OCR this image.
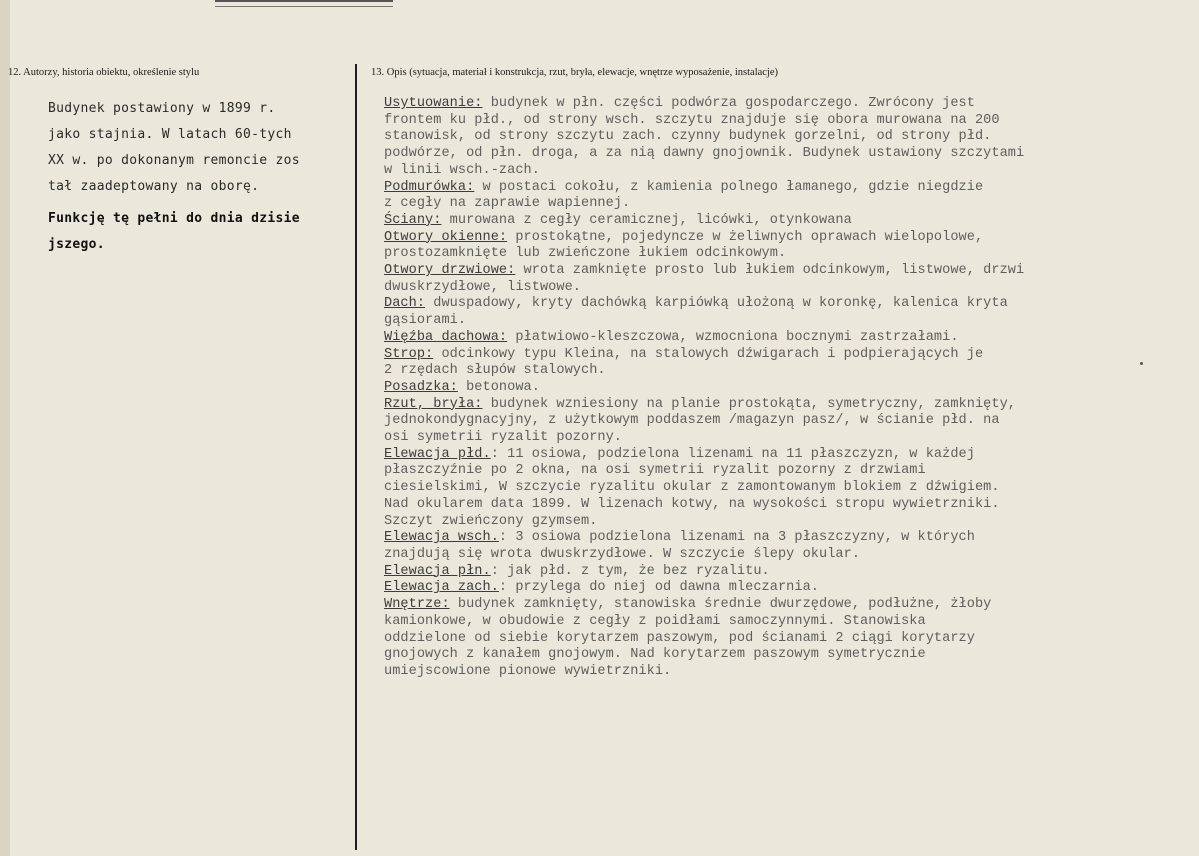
12. Autorzy, historia obiektu, określenie stylu	13. Opis (sytuacja, materiał i konstrukcja, rzut, bryła, elewacje, wnętrze wyposażenie, instalacje)
Budynek postawiony w 1899 r.
jako stajnia. W latach 60-tych
XX w. po dokonanym remoncie zos
tał zaadeptowany na oborę.
Funkcję tę pełni do dnia dzisie
jszego.
Usytuowanie: budynek w płn. części podwórza gospodarczego. Zwrócony jest
frontem ku płd., od strony wsch. szczytu znajduje się obora murowana na 200
stanowisk, od strony szczytu zach. czynny budynek gorzelni, od strony płd.
podwórze, od płn. droga, a za nią dawny gnojownik. Budynek ustawiony szczytami
w linii wsch.-zach.
Podmurówka: w postaci cokołu, z kamienia polnego łamanego, gdzie niegdzie
z cegły na zaprawie wapiennej.
Ściany: murowana z cegły ceramicznej, licówki, otynkowana
Otwory okienne: prostokątne, pojedyncze w żeliwnych oprawach wielopolowe,
prostozamknięte lub zwieńczone łukiem odcinkowym.
Otwory drzwiowe: wrota zamknięte prosto lub łukiem odcinkowym, listwowe, drzwi
dwuskrzydłowe, listwowe.
Dach: dwuspadowy, kryty dachówką karpiówką ułożoną w koronkę, kalenica kryta
gąsiorami.
Więźba dachowa: płatwiowo-kleszczowa, wzmocniona bocznymi zastrzałami.
Strop: odcinkowy typu Kleina, na stalowych dźwigarach i podpierających je
2 rzędach słupów stalowych.
Posadzka: betonowa.
Rzut, bryła: budynek wzniesiony na planie prostokąta, symetryczny, zamknięty,
jednokondygnacyjny, z użytkowym poddaszem /magazyn pasz/, w ścianie płd. na
osi symetrii ryzalit pozorny.
Elewacja płd.: 11 osiowa, podzielona lizenami na 11 płaszczyzn, w każdej
płaszczyźnie po 2 okna, na osi symetrii ryzalit pozorny z drzwiami
ciesielskimi, W szczycie ryzalitu okular z zamontowanym blokiem z dźwigiem.
Nad okularem data 1899. W lizenach kotwy, na wysokości stropu wywietrzniki.
Szczyt zwieńczony gzymsem.
Elewacja wsch.: 3 osiowa podzielona lizenami na 3 płaszczyzny, w których
znajdują się wrota dwuskrzydłowe. W szczycie ślepy okular.
Elewacja płn.: jak płd. z tym, że bez ryzalitu.
Elewacja zach.: przylega do niej od dawna mleczarnia.
Wnętrze: budynek zamknięty, stanowiska średnie dwurzędowe, podłużne, żłoby
kamionkowe, w obudowie z cegły z poidłami samoczynnymi. Stanowiska
oddzielone od siebie korytarzem paszowym, pod ścianami 2 ciągi korytarzy
gnojowych z kanałem gnojowym. Nad korytarzem paszowym symetrycznie
umiejscowione pionowe wywietrzniki.
